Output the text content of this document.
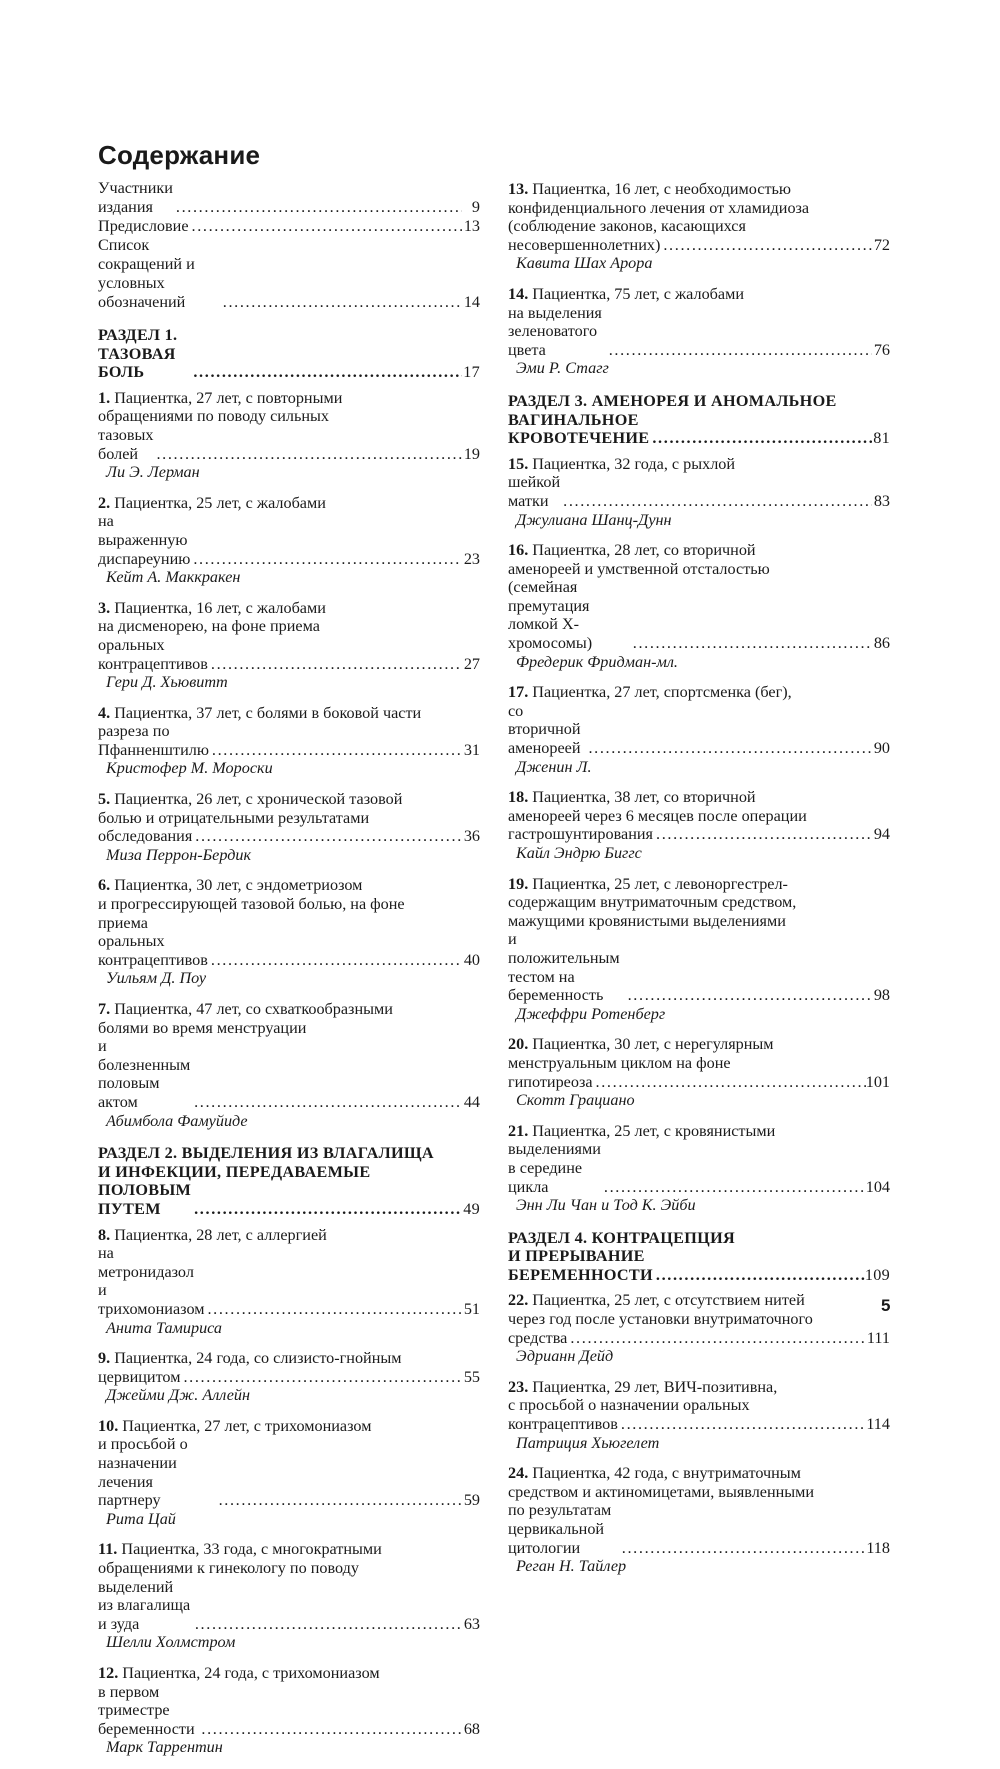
Содержание
Участники издания . . .	9
Предисловие . . .	13
Список сокращений и условных обозначений . . .	14
РАЗДЕЛ 1. ТАЗОВАЯ БОЛЬ . . .	17
1. Пациентка, 27 лет, с повторными
обращениями по поводу сильных
тазовых болей . . .	19
Ли Э. Лерман
2. Пациентка, 25 лет, с жалобами
на выраженную диспареунию . . .	23
Кейт А. Маккракен
3. Пациентка, 16 лет, с жалобами
на дисменорею, на фоне приема
оральных контрацептивов . . .	27
Гери Д. Хьювитт
4. Пациентка, 37 лет, с болями в боковой части
разреза по Пфанненштилю . . .	31
Кристофер М. Мороски
5. Пациентка, 26 лет, с хронической тазовой
болью и отрицательными результатами
обследования . . .	36
Миза Перрон-Бердик
6. Пациентка, 30 лет, с эндометриозом
и прогрессирующей тазовой болью, на фоне
приема оральных контрацептивов . . .	40
Уильям Д. Поу
7. Пациентка, 47 лет, со схваткообразными
болями во время менструации
и болезненным половым актом . . .	44
Абимбола Фамуйиде
РАЗДЕЛ 2. ВЫДЕЛЕНИЯ ИЗ ВЛАГАЛИЩА
И ИНФЕКЦИИ, ПЕРЕДАВАЕМЫЕ
ПОЛОВЫМ ПУТЕМ . . .	49
8. Пациентка, 28 лет, с аллергией
на метронидазол и трихомониазом . . .	51
Анита Тамириса
9. Пациентка, 24 года, со слизисто-гнойным
цервицитом . . .	55
Джейми Дж. Аллейн
10. Пациентка, 27 лет, с трихомониазом
и просьбой о назначении лечения партнеру . . .	59
Рита Цай
11. Пациентка, 33 года, с многократными
обращениями к гинекологу по поводу
выделений из влагалища и зуда . . .	63
Шелли Холмстром
12. Пациентка, 24 года, с трихомониазом
в первом триместре беременности . . .	68
Марк Таррентин
13. Пациентка, 16 лет, с необходимостью
конфиденциального лечения от хламидиоза
(соблюдение законов, касающихся
несовершеннолетних) . . .	72
Кавита Шах Арора
14. Пациентка, 75 лет, с жалобами
на выделения зеленоватого цвета . . .	76
Эми Р. Стагг
РАЗДЕЛ 3. АМЕНОРЕЯ И АНОМАЛЬНОЕ
ВАГИНАЛЬНОЕ КРОВОТЕЧЕНИЕ . . .	81
15. Пациентка, 32 года, с рыхлой
шейкой матки . . .	83
Джулиана Шанц-Дунн
16. Пациентка, 28 лет, со вторичной
аменореей и умственной отсталостью
(семейная премутация ломкой X-хромосомы) . . .	86
Фредерик Фридман-мл.
17. Пациентка, 27 лет, спортсменка (бег),
со вторичной аменореей . . .	90
Дженин Л.
18. Пациентка, 38 лет, со вторичной
аменореей через 6 месяцев после операции
гастрошунтирования . . .	94
Кайл Эндрю Биггс
19. Пациентка, 25 лет, с левоноргестрел-
содержащим внутриматочным средством,
мажущими кровянистыми выделениями
и положительным тестом на беременность . . .	98
Джеффри Ротенберг
20. Пациентка, 30 лет, с нерегулярным
менструальным циклом на фоне
гипотиреоза . . .	101
Скотт Грациано
21. Пациентка, 25 лет, с кровянистыми
выделениями в середине цикла . . .	104
Энн Ли Чан и Тод К. Эйби
РАЗДЕЛ 4. КОНТРАЦЕПЦИЯ
И ПРЕРЫВАНИЕ БЕРЕМЕННОСТИ . . .	109
22. Пациентка, 25 лет, с отсутствием нитей
через год после установки внутриматочного
средства . . .	111
Эдрианн Дейд
23. Пациентка, 29 лет, ВИЧ-позитивна,
с просьбой о назначении оральных
контрацептивов . . .	114
Патриция Хьюгелет
24. Пациентка, 42 года, с внутриматочным
средством и актиномицетами, выявленными
по результатам цервикальной цитологии . . .	118
Реган Н. Тайлер
5
